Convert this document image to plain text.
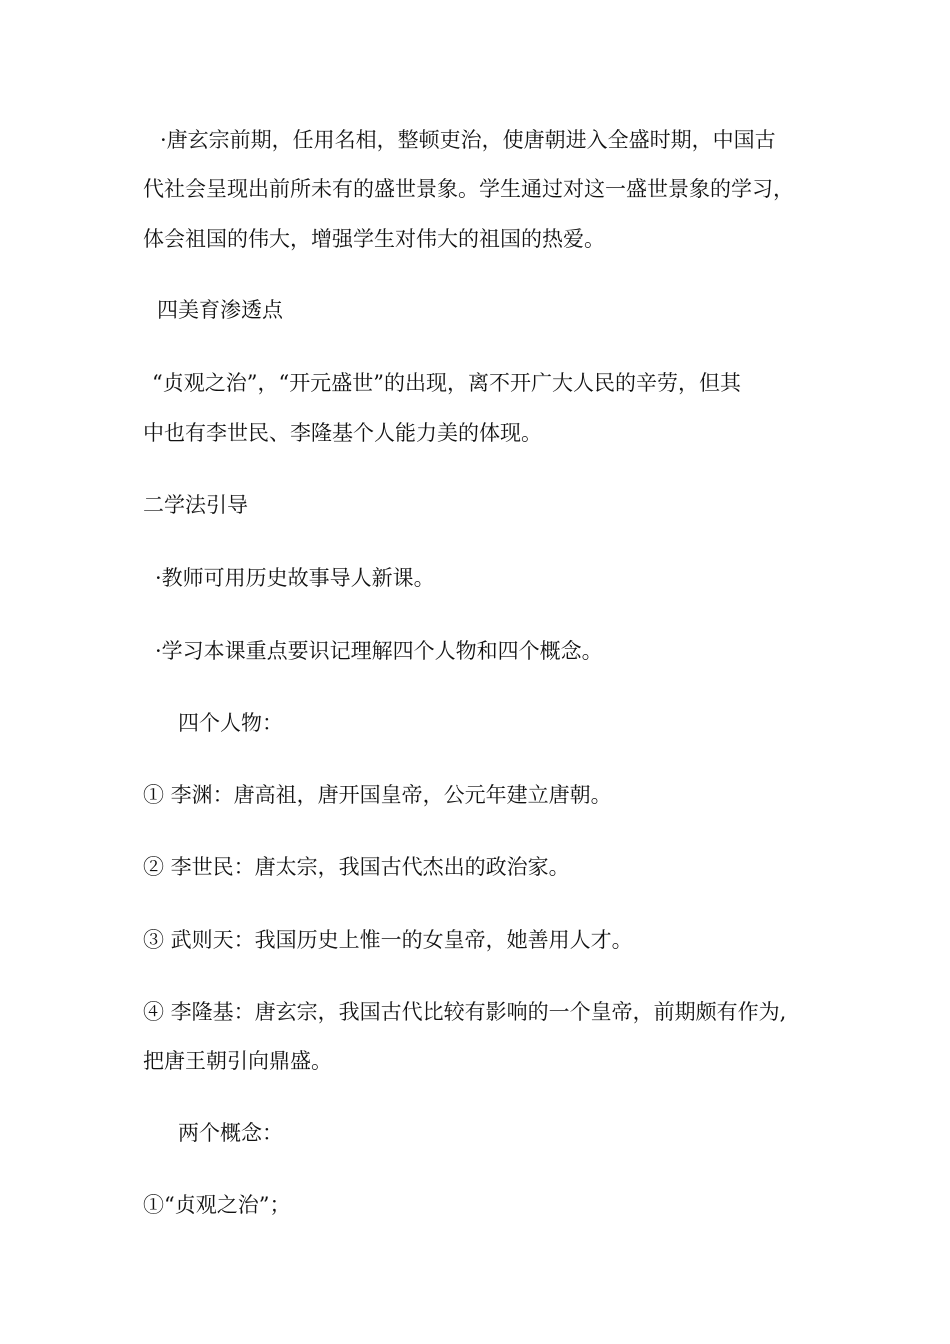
·唐玄宗前期，任用名相，整顿吏治，使唐朝进入全盛时期，中国古

代社会呈现出前所未有的盛世景象。学生通过对这一盛世景象的学习，

体会祖国的伟大，增强学生对伟大的祖国的热爱。

四美育渗透点

“贞观之治”，“开元盛世”的出现，离不开广大人民的辛劳，但其

中也有李世民、李隆基个人能力美的体现。

二学法引导

·教师可用历史故事导人新课。

·学习本课重点要识记理解四个人物和四个概念。

四个人物：

① 李渊：唐高祖，唐开国皇帝，公元年建立唐朝。

② 李世民：唐太宗，我国古代杰出的政治家。

③ 武则天：我国历史上惟一的女皇帝，她善用人才。

④ 李隆基：唐玄宗，我国古代比较有影响的一个皇帝，前期颇有作为,

把唐王朝引向鼎盛。

两个概念：

①“贞观之治”；
